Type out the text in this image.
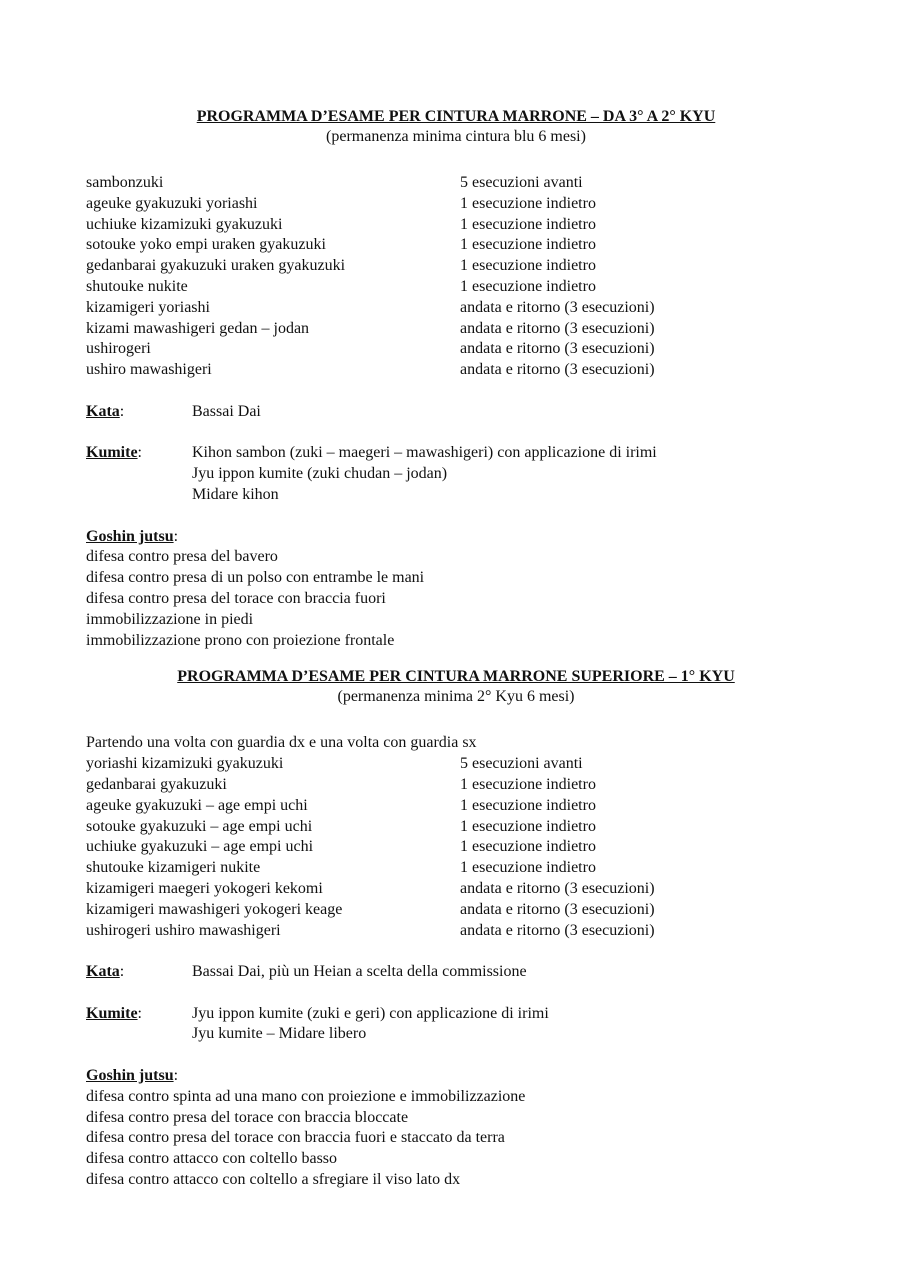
PROGRAMMA D’ESAME PER CINTURA MARRONE – DA 3° A 2° KYU

(permanenza minima cintura blu 6 mesi)

sambonzuki	5 esecuzioni avanti
ageuke gyakuzuki yoriashi	1 esecuzione indietro
uchiuke kizamizuki gyakuzuki	1 esecuzione indietro
sotouke yoko empi uraken gyakuzuki	1 esecuzione indietro
gedanbarai gyakuzuki uraken gyakuzuki	1 esecuzione indietro
shutouke nukite	1 esecuzione indietro
kizamigeri yoriashi	andata e ritorno (3 esecuzioni)
kizami mawashigeri gedan – jodan	andata e ritorno (3 esecuzioni)
ushirogeri	andata e ritorno (3 esecuzioni)
ushiro mawashigeri	andata e ritorno (3 esecuzioni)
Kata:	Bassai Dai
Kumite:	Kihon sambon (zuki – maegeri – mawashigeri) con applicazione di irimi
Jyu ippon kumite (zuki chudan – jodan)
Midare kihon
Goshin jutsu:
difesa contro presa del bavero
difesa contro presa di un polso con entrambe le mani
difesa contro presa del torace con braccia fuori
immobilizzazione in piedi
immobilizzazione prono con proiezione frontale

PROGRAMMA D’ESAME PER CINTURA MARRONE SUPERIORE – 1° KYU

(permanenza minima 2° Kyu 6 mesi)

Partendo una volta con guardia dx e una volta con guardia sx
yoriashi kizamizuki gyakuzuki	5 esecuzioni avanti
gedanbarai gyakuzuki	1 esecuzione indietro
ageuke gyakuzuki – age empi uchi	1 esecuzione indietro
sotouke gyakuzuki – age empi uchi	1 esecuzione indietro
uchiuke gyakuzuki – age empi uchi	1 esecuzione indietro
shutouke kizamigeri nukite	1 esecuzione indietro
kizamigeri maegeri yokogeri kekomi	andata e ritorno (3 esecuzioni)
kizamigeri mawashigeri yokogeri keage	andata e ritorno (3 esecuzioni)
ushirogeri ushiro mawashigeri	andata e ritorno (3 esecuzioni)
Kata:	Bassai Dai, più un Heian a scelta della commissione
Kumite:	Jyu ippon kumite (zuki e geri) con applicazione di irimi
Jyu kumite – Midare libero
Goshin jutsu:
difesa contro spinta ad una mano con proiezione e immobilizzazione
difesa contro presa del torace con braccia bloccate
difesa contro presa del torace con braccia fuori e staccato da terra
difesa contro attacco con coltello basso
difesa contro attacco con coltello a sfregiare il viso lato dx
